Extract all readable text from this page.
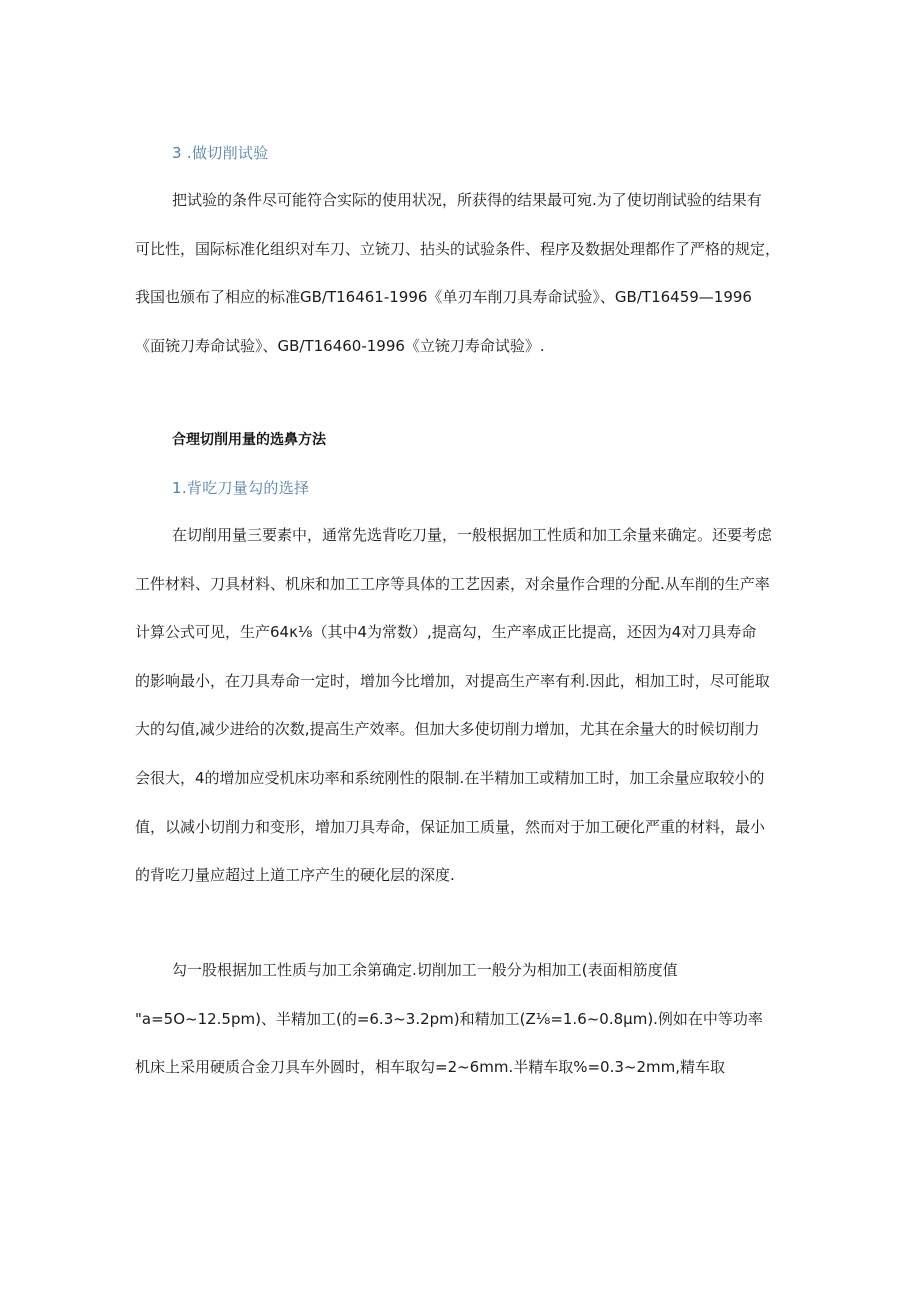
3 .做切削试验
把试验的条件尽可能符合实际的使用状况，所获得的结果最可宛.为了使切削试验的结果有
可比性，国际标准化组织对车刀、立铳刀、拈头的试验条件、程序及数据处理都作了严格的规定，
我国也颁布了相应的标准GB/T16461-1996《单刃车削刀具寿命试验》、GB/T16459—1996
《面铳刀寿命试验》、GB/T16460-1996《立铳刀寿命试验》.
合理切削用量的选鼻方法
1.背吃刀量勾的选择
在切削用量三要素中，通常先选背吃刀量，一般根据加工性质和加工余量来确定。还要考虑
工件材料、刀具材料、机床和加工工序等具体的工艺因素，对余量作合理的分配.从车削的生产率
计算公式可见，生产64κ⅛（其中4为常数）,提高勾，生产率成正比提高，还因为4对刀具寿命
的影响最小，在刀具寿命一定时，增加今比增加，对提高生产率有利.因此，相加工时，尽可能取
大的勾值,减少进给的次数,提高生产效率。但加大多使切削力增加，尤其在余量大的时候切削力
会很大，4的增加应受机床功率和系统刚性的限制.在半精加工或精加工时，加工余量应取较小的
值，以减小切削力和变形，增加刀具寿命，保证加工质量，然而对于加工硬化严重的材料，最小
的背吃刀量应超过上道工序产生的硬化层的深度.
勾一股根据加工性质与加工余第确定.切削加工一般分为相加工(表面相筋度值
"a=5O~12.5pm)、半精加工(的=6.3~3.2pm)和精加工(Z⅛=1.6~0.8μm).例如在中等功率
机床上采用硬质合金刀具车外圆时，相车取勾=2~6mm.半精车取%=0.3~2mm,精车取
